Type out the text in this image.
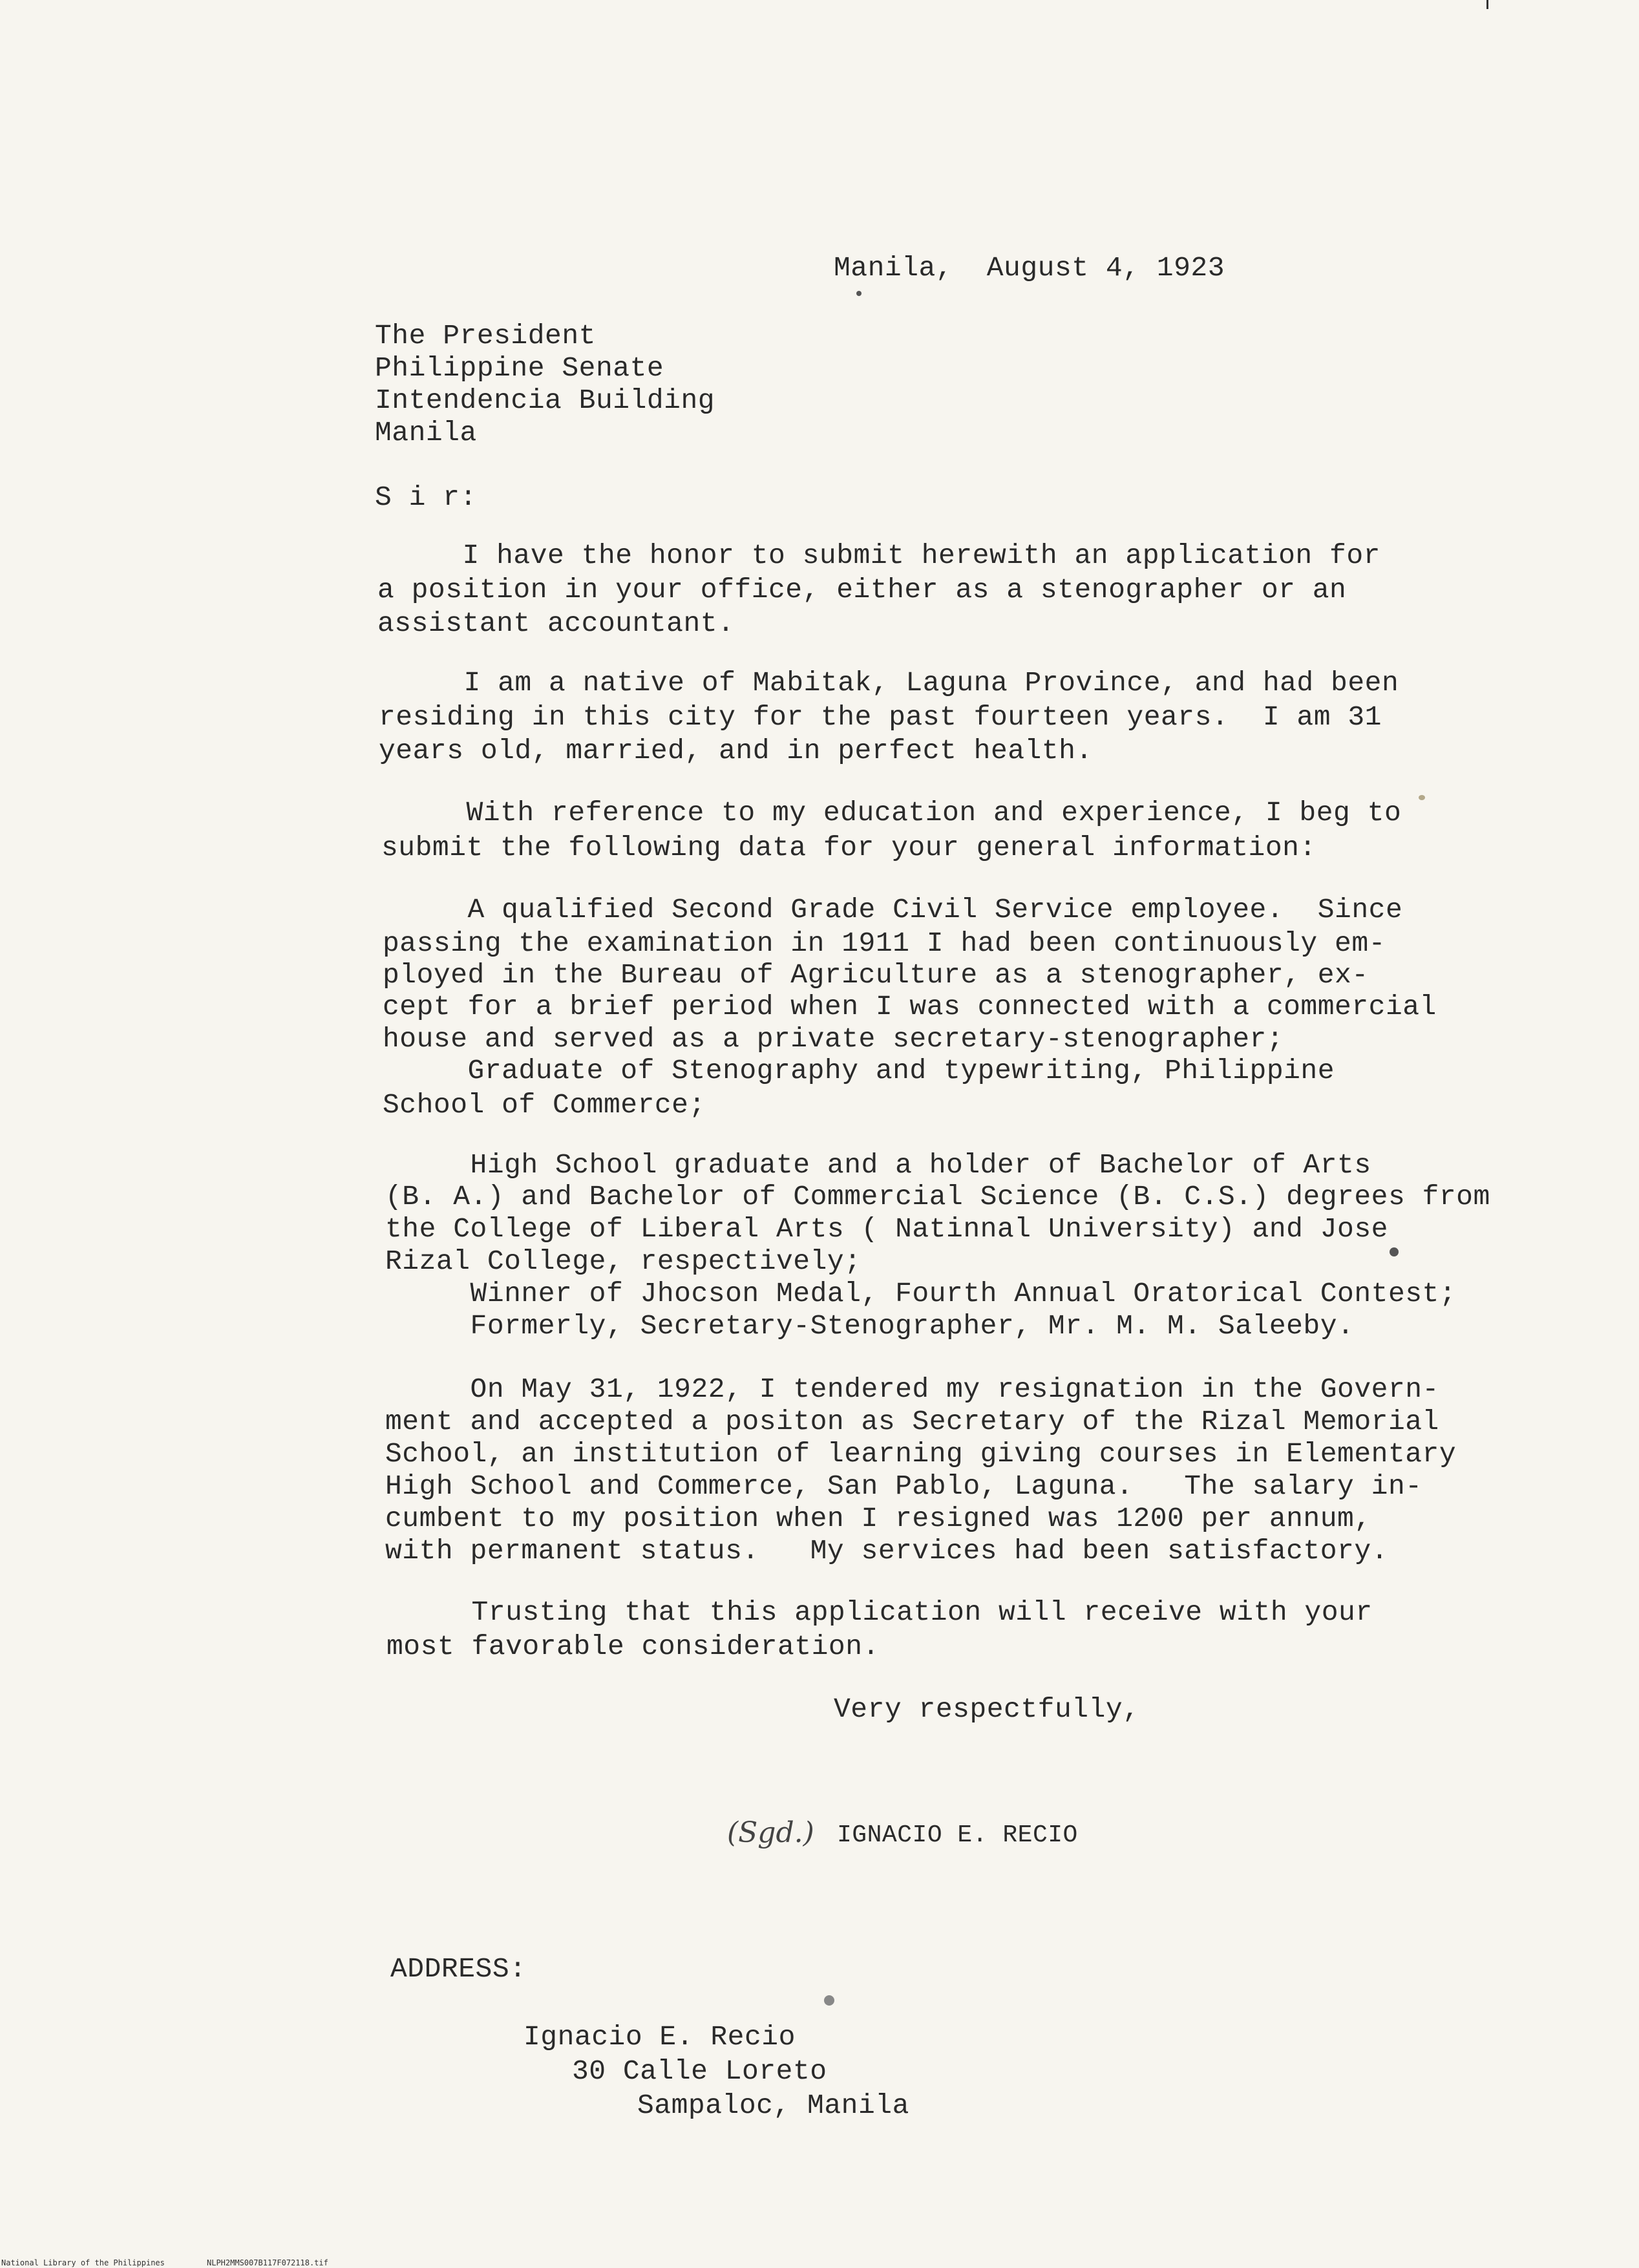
Manila,  August 4, 1923
The President
Philippine Senate
Intendencia Building
Manila
S i r:
I have the honor to submit herewith an application for
a position in your office, either as a stenographer or an
assistant accountant.
I am a native of Mabitak, Laguna Province, and had been
residing in this city for the past fourteen years.  I am 31
years old, married, and in perfect health.
With reference to my education and experience, I beg to
submit the following data for your general information:
A qualified Second Grade Civil Service employee.  Since
passing the examination in 1911 I had been continuously em-
ployed in the Bureau of Agriculture as a stenographer, ex-
cept for a brief period when I was connected with a commercial
house and served as a private secretary-stenographer;
Graduate of Stenography and typewriting, Philippine
School of Commerce;
High School graduate and a holder of Bachelor of Arts
(B. A.) and Bachelor of Commercial Science (B. C.S.) degrees from
the College of Liberal Arts ( Natinnal University) and Jose
Rizal College, respectively;
Winner of Jhocson Medal, Fourth Annual Oratorical Contest;
Formerly, Secretary-Stenographer, Mr. M. M. Saleeby.
On May 31, 1922, I tendered my resignation in the Govern-
ment and accepted a positon as Secretary of the Rizal Memorial
School, an institution of learning giving courses in Elementary
High School and Commerce, San Pablo, Laguna.   The salary in-
cumbent to my position when I resigned was 1200 per annum,
with permanent status.   My services had been satisfactory.
Trusting that this application will receive with your
most favorable consideration.
Very respectfully,
(Sgd.) IGNACIO E. RECIO
ADDRESS:
Ignacio E. Recio
30 Calle Loreto
Sampaloc, Manila
National Library of the Philippines	NLPH2MMS007B117F072118.tif
